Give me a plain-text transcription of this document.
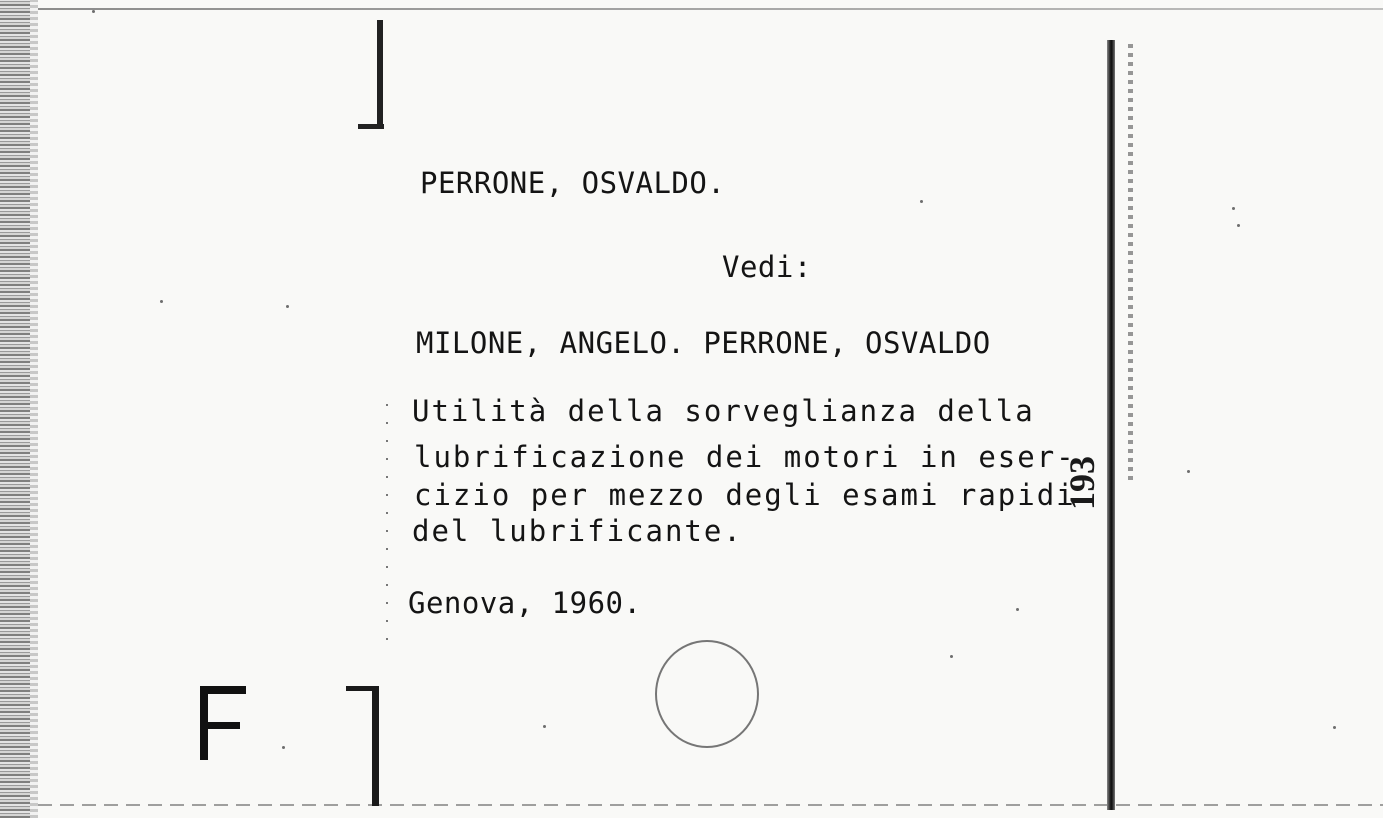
PERRONE, OSVALDO.
Vedi:
MILONE, ANGELO. PERRONE, OSVALDO
Utilità della sorveglianza della
lubrificazione dei motori in eser-
cizio per mezzo degli esami rapidi
del lubrificante.
Genova, 1960.
193
